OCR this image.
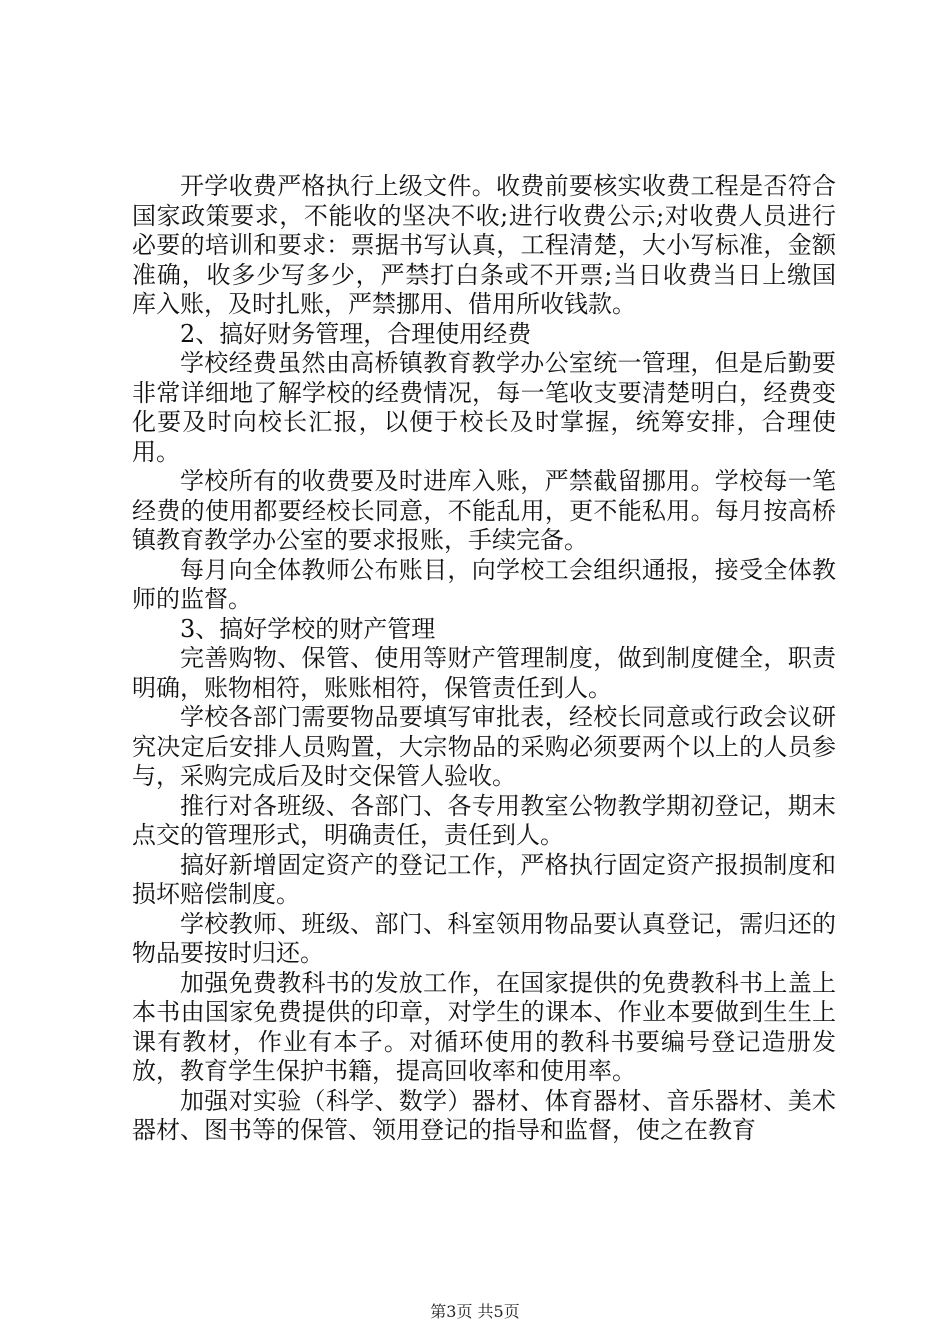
开学收费严格执行上级文件。收费前要核实收费工程是否符合国家政策要求，不能收的坚决不收;进行收费公示;对收费人员进行必要的培训和要求：票据书写认真，工程清楚，大小写标准，金额准确，收多少写多少，严禁打白条或不开票;当日收费当日上缴国库入账，及时扎账，严禁挪用、借用所收钱款。

2、搞好财务管理，合理使用经费

学校经费虽然由高桥镇教育教学办公室统一管理，但是后勤要非常详细地了解学校的经费情况，每一笔收支要清楚明白，经费变化要及时向校长汇报，以便于校长及时掌握，统筹安排，合理使用。

学校所有的收费要及时进库入账，严禁截留挪用。学校每一笔经费的使用都要经校长同意，不能乱用，更不能私用。每月按高桥镇教育教学办公室的要求报账，手续完备。

每月向全体教师公布账目，向学校工会组织通报，接受全体教师的监督。

3、搞好学校的财产管理

完善购物、保管、使用等财产管理制度，做到制度健全，职责明确，账物相符，账账相符，保管责任到人。

学校各部门需要物品要填写审批表，经校长同意或行政会议研究决定后安排人员购置，大宗物品的采购必须要两个以上的人员参与，采购完成后及时交保管人验收。

推行对各班级、各部门、各专用教室公物教学期初登记，期末点交的管理形式，明确责任，责任到人。

搞好新增固定资产的登记工作，严格执行固定资产报损制度和损坏赔偿制度。

学校教师、班级、部门、科室领用物品要认真登记，需归还的物品要按时归还。

加强免费教科书的发放工作，在国家提供的免费教科书上盖上本书由国家免费提供的印章，对学生的课本、作业本要做到生生上课有教材，作业有本子。对循环使用的教科书要编号登记造册发放，教育学生保护书籍，提高回收率和使用率。

加强对实验（科学、数学）器材、体育器材、音乐器材、美术器材、图书等的保管、领用登记的指导和监督，使之在教育

第3页 共5页
